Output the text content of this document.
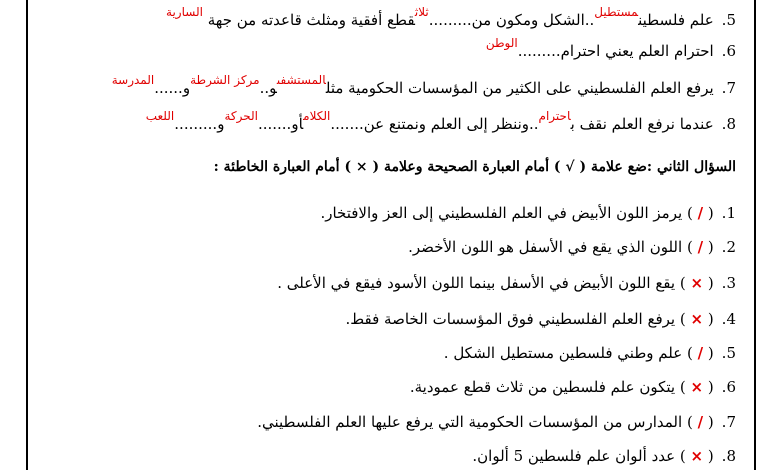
5.علم فلسطين$^{مستطيل}$..الشكل ومكون من.........$^{ثلاث}$قطع أفقية ومثلث قاعدته من جهة $^{السارية}$
6.احترام العلم يعني احترام.........$^{الوطن}$
7.يرفع العلم الفلسطيني على الكثير من المؤسسات الحكومية مثل$^{المستشفى}$و..$^{مركز الشرطة}$و......$^{المدرسة}$
8.عندما نرفع العلم نقف ب$^{احترام}$..وننظر إلى العلم ونمتنع عن.......$^{الكلام}$أو.......$^{الحركة}$و.........$^{اللعب}$
السؤال الثاني :ضع علامة ( √ ) أمام العبارة الصحيحة وعلامة ( × ) أمام العبارة الخاطئة :
1.( / ) يرمز اللون الأبيض في العلم الفلسطيني إلى العز والافتخار.
2.( / ) اللون الذي يقع في الأسفل هو اللون الأخضر.
3.( × ) يقع اللون الأبيض في الأسفل بينما اللون الأسود فيقع في الأعلى .
4.( × ) يرفع العلم الفلسطيني فوق المؤسسات الخاصة فقط.
5.( / ) علم وطني فلسطين مستطيل الشكل .
6.( × ) يتكون علم فلسطين من ثلاث قطع عمودية.
7.( / ) المدارس من المؤسسات الحكومية التي يرفع عليها العلم الفلسطيني.
8.( × ) عدد ألوان علم فلسطين 5 ألوان.
